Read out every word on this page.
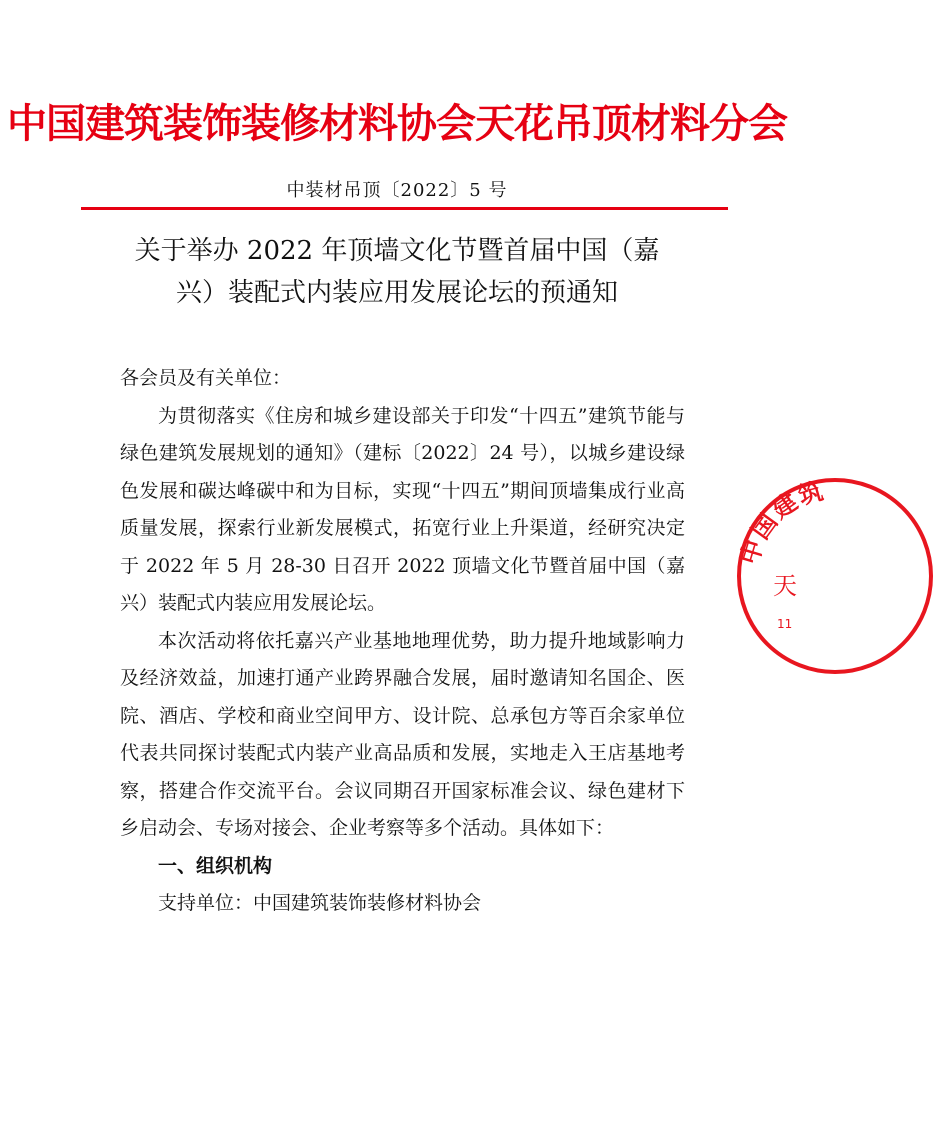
中国建筑装饰装修材料协会天花吊顶材料分会
中装材吊顶〔2022〕5 号
关于举办 2022 年顶墙文化节暨首届中国（嘉
兴）装配式内装应用发展论坛的预通知

各会员及有关单位：

为贯彻落实《住房和城乡建设部关于印发“十四五”建筑节能与绿色建筑发展规划的通知》（建标〔2022〕24 号），以城乡建设绿色发展和碳达峰碳中和为目标，实现“十四五”期间顶墙集成行业高质量发展，探索行业新发展模式，拓宽行业上升渠道，经研究决定于 2022 年 5 月 28-30 日召开 2022 顶墙文化节暨首届中国（嘉兴）装配式内装应用发展论坛。

本次活动将依托嘉兴产业基地地理优势，助力提升地域影响力及经济效益，加速打通产业跨界融合发展，届时邀请知名国企、医院、酒店、学校和商业空间甲方、设计院、总承包方等百余家单位代表共同探讨装配式内装产业高品质和发展，实地走入王店基地考察，搭建合作交流平台。会议同期召开国家标准会议、绿色建材下乡启动会、专场对接会、企业考察等多个活动。具体如下：

一、组织机构

支持单位：中国建筑装饰装修材料协会

中国建筑
天
11
